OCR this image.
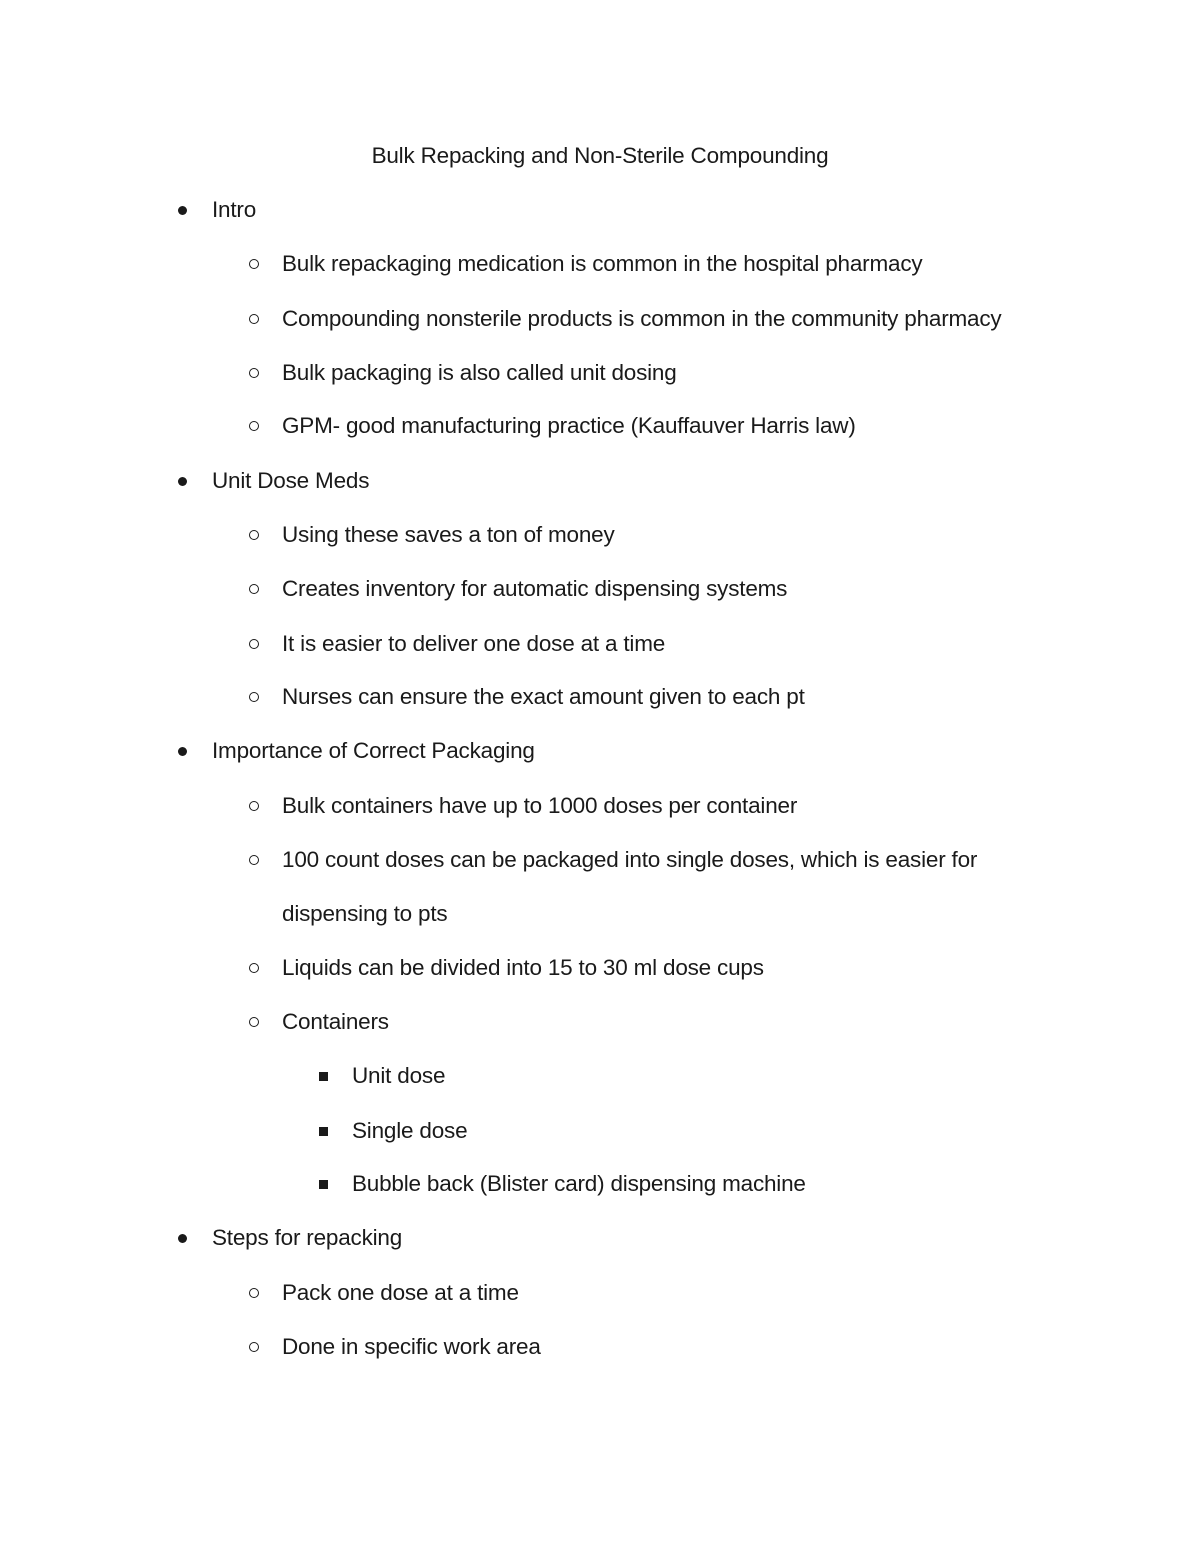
Bulk Repacking and Non-Sterile Compounding
Intro
Bulk repackaging medication is common in the hospital pharmacy
Compounding nonsterile products is common in the community pharmacy
Bulk packaging is also called unit dosing
GPM- good manufacturing practice (Kauffauver Harris law)
Unit Dose Meds
Using these saves a ton of money
Creates inventory for automatic dispensing systems
It is easier to deliver one dose at a time
Nurses can ensure the exact amount given to each pt
Importance of Correct Packaging
Bulk containers have up to 1000 doses per container
100 count doses can be packaged into single doses, which is easier for
dispensing to pts
Liquids can be divided into 15 to 30 ml dose cups
Containers
Unit dose
Single dose
Bubble back (Blister card) dispensing machine
Steps for repacking
Pack one dose at a time
Done in specific work area
